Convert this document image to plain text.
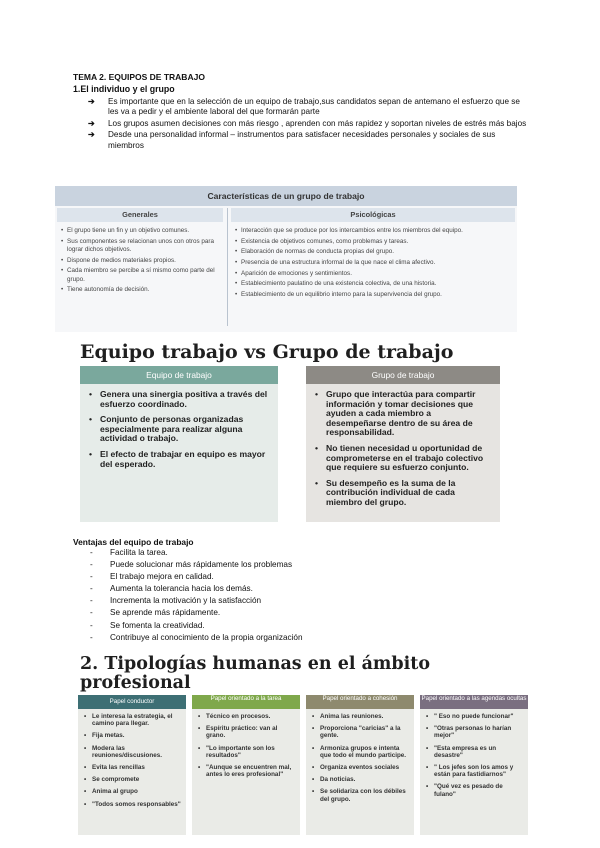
TEMA 2. EQUIPOS DE TRABAJO
1.El individuo y el grupo
➔ Es importante que en la selección de un equipo de trabajo,sus candidatos sepan de antemano el esfuerzo que se les va a pedir y el ambiente laboral del que formarán parte
➔ Los grupos asumen decisiones con más riesgo , aprenden con más rapidez y soportan niveles de estrés más bajos
➔ Desde una personalidad informal – instrumentos para satisfacer necesidades personales y sociales de sus miembros
Características de un grupo de trabajo
Generales	Psicológicas
• El grupo tiene un fin y un objetivo comunes.
• Sus componentes se relacionan unos con otros para lograr dichos objetivos.
• Dispone de medios materiales propios.
• Cada miembro se percibe a sí mismo como parte del grupo.
• Tiene autonomía de decisión.
• Interacción que se produce por los intercambios entre los miembros del equipo.
• Existencia de objetivos comunes, como problemas y tareas.
• Elaboración de normas de conducta propias del grupo.
• Presencia de una estructura informal de la que nace el clima afectivo.
• Aparición de emociones y sentimientos.
• Establecimiento paulatino de una existencia colectiva, de una historia.
• Establecimiento de un equilibrio interno para la supervivencia del grupo.
Equipo trabajo vs Grupo de trabajo
Equipo de trabajo
• Genera una sinergia positiva a través del esfuerzo coordinado.
• Conjunto de personas organizadas especialmente para realizar alguna actividad o trabajo.
• El efecto de trabajar en equipo es mayor del esperado.
Grupo de trabajo
• Grupo que interactúa para compartir información y tomar decisiones que ayuden a cada miembro a desempeñarse dentro de su área de responsabilidad.
• No tienen necesidad u oportunidad de comprometerse en el trabajo colectivo que requiere su esfuerzo conjunto.
• Su desempeño es la suma de la contribución individual de cada miembro del grupo.
Ventajas del equipo de trabajo
- Facilita la tarea.
- Puede solucionar más rápidamente los problemas
- El trabajo mejora en calidad.
- Aumenta la tolerancia hacia los demás.
- Incrementa la motivación y la satisfacción
- Se aprende más rápidamente.
- Se fomenta la creatividad.
- Contribuye al conocimiento de la propia organización
2. Tipologías humanas en el ámbito
profesional
Papel conductor
• Le interesa la estrategia, el camino para llegar.
• Fija metas.
• Modera las reuniones/discusiones.
• Evita las rencillas
• Se compromete
• Anima al grupo
• "Todos somos responsables"
Papel orientado a la tarea
• Técnico en procesos.
• Espíritu práctico: van al grano.
• "Lo importante son los resultados"
• "Aunque se encuentren mal, antes lo eres profesional"
Papel orientado a cohesión
• Anima las reuniones.
• Proporciona "caricias" a la gente.
• Armoniza grupos e intenta que todo el mundo participe.
• Organiza eventos sociales
• Da noticias.
• Se solidariza con los débiles del grupo.
Papel orientado a las agendas ocultas
• " Eso no puede funcionar"
• "Otras personas lo harían mejor"
• "Esta empresa es un desastre"
• " Los jefes son los amos y están para fastidiarnos"
• "Qué vez es pesado de fulano"
